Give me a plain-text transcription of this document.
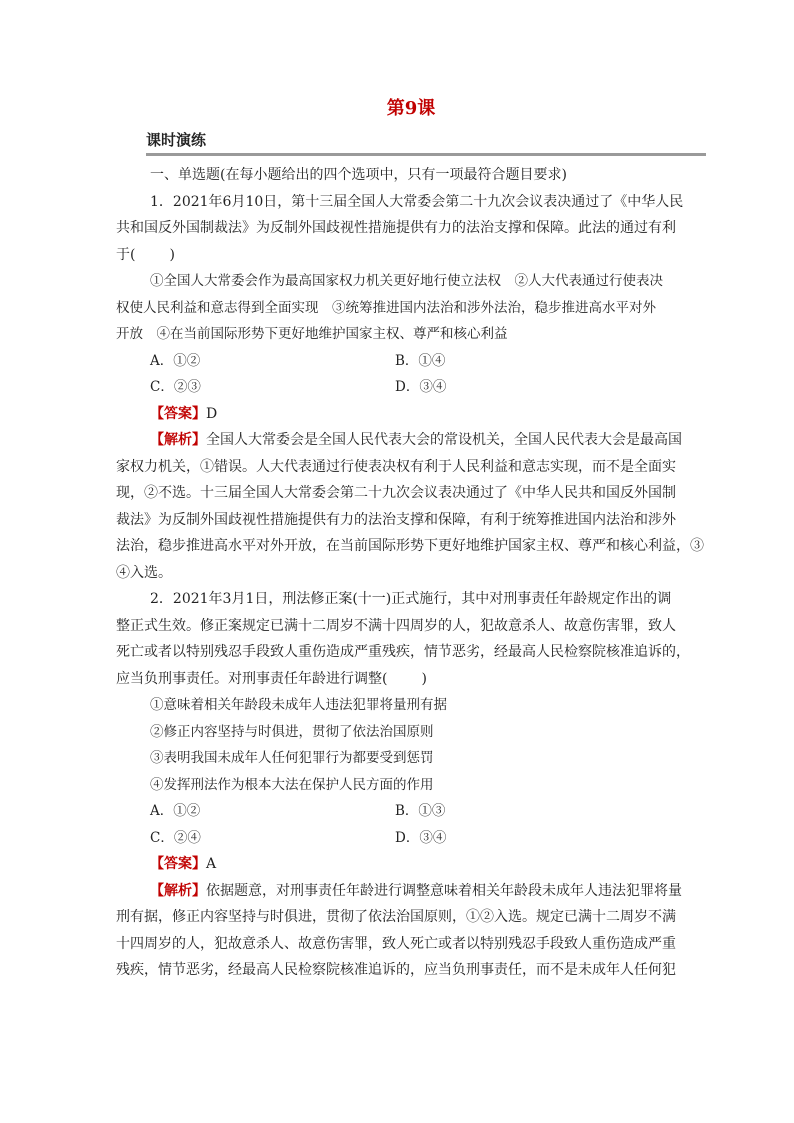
第9课
课时演练

一、单选题(在每小题给出的四个选项中，只有一项最符合题目要求)

1．2021年6月10日，第十三届全国人大常委会第二十九次会议表决通过了《中华人民

共和国反外国制裁法》为反制外国歧视性措施提供有力的法治支撑和保障。此法的通过有利

于( )

①全国人大常委会作为最高国家权力机关更好地行使立法权　②人大代表通过行使表决

权使人民利益和意志得到全面实现　③统筹推进国内法治和涉外法治，稳步推进高水平对外

开放　④在当前国际形势下更好地维护国家主权、尊严和核心利益

A．①②	B．①④
C．②③	D．③④

【答案】D

【解析】全国人大常委会是全国人民代表大会的常设机关，全国人民代表大会是最高国

家权力机关，①错误。人大代表通过行使表决权有利于人民利益和意志实现，而不是全面实

现，②不选。十三届全国人大常委会第二十九次会议表决通过了《中华人民共和国反外国制

裁法》为反制外国歧视性措施提供有力的法治支撑和保障，有利于统筹推进国内法治和涉外

法治，稳步推进高水平对外开放，在当前国际形势下更好地维护国家主权、尊严和核心利益，③

④入选。

2．2021年3月1日，刑法修正案(十一)正式施行，其中对刑事责任年龄规定作出的调

整正式生效。修正案规定已满十二周岁不满十四周岁的人，犯故意杀人、故意伤害罪，致人

死亡或者以特别残忍手段致人重伤造成严重残疾，情节恶劣，经最高人民检察院核准追诉的，

应当负刑事责任。对刑事责任年龄进行调整( )

①意味着相关年龄段未成年人违法犯罪将量刑有据

②修正内容坚持与时俱进，贯彻了依法治国原则

③表明我国未成年人任何犯罪行为都要受到惩罚

④发挥刑法作为根本大法在保护人民方面的作用

A．①②	B．①③
C．②④	D．③④

【答案】A

【解析】依据题意，对刑事责任年龄进行调整意味着相关年龄段未成年人违法犯罪将量

刑有据，修正内容坚持与时俱进，贯彻了依法治国原则，①②入选。规定已满十二周岁不满

十四周岁的人，犯故意杀人、故意伤害罪，致人死亡或者以特别残忍手段致人重伤造成严重

残疾，情节恶劣，经最高人民检察院核准追诉的，应当负刑事责任，而不是未成年人任何犯
